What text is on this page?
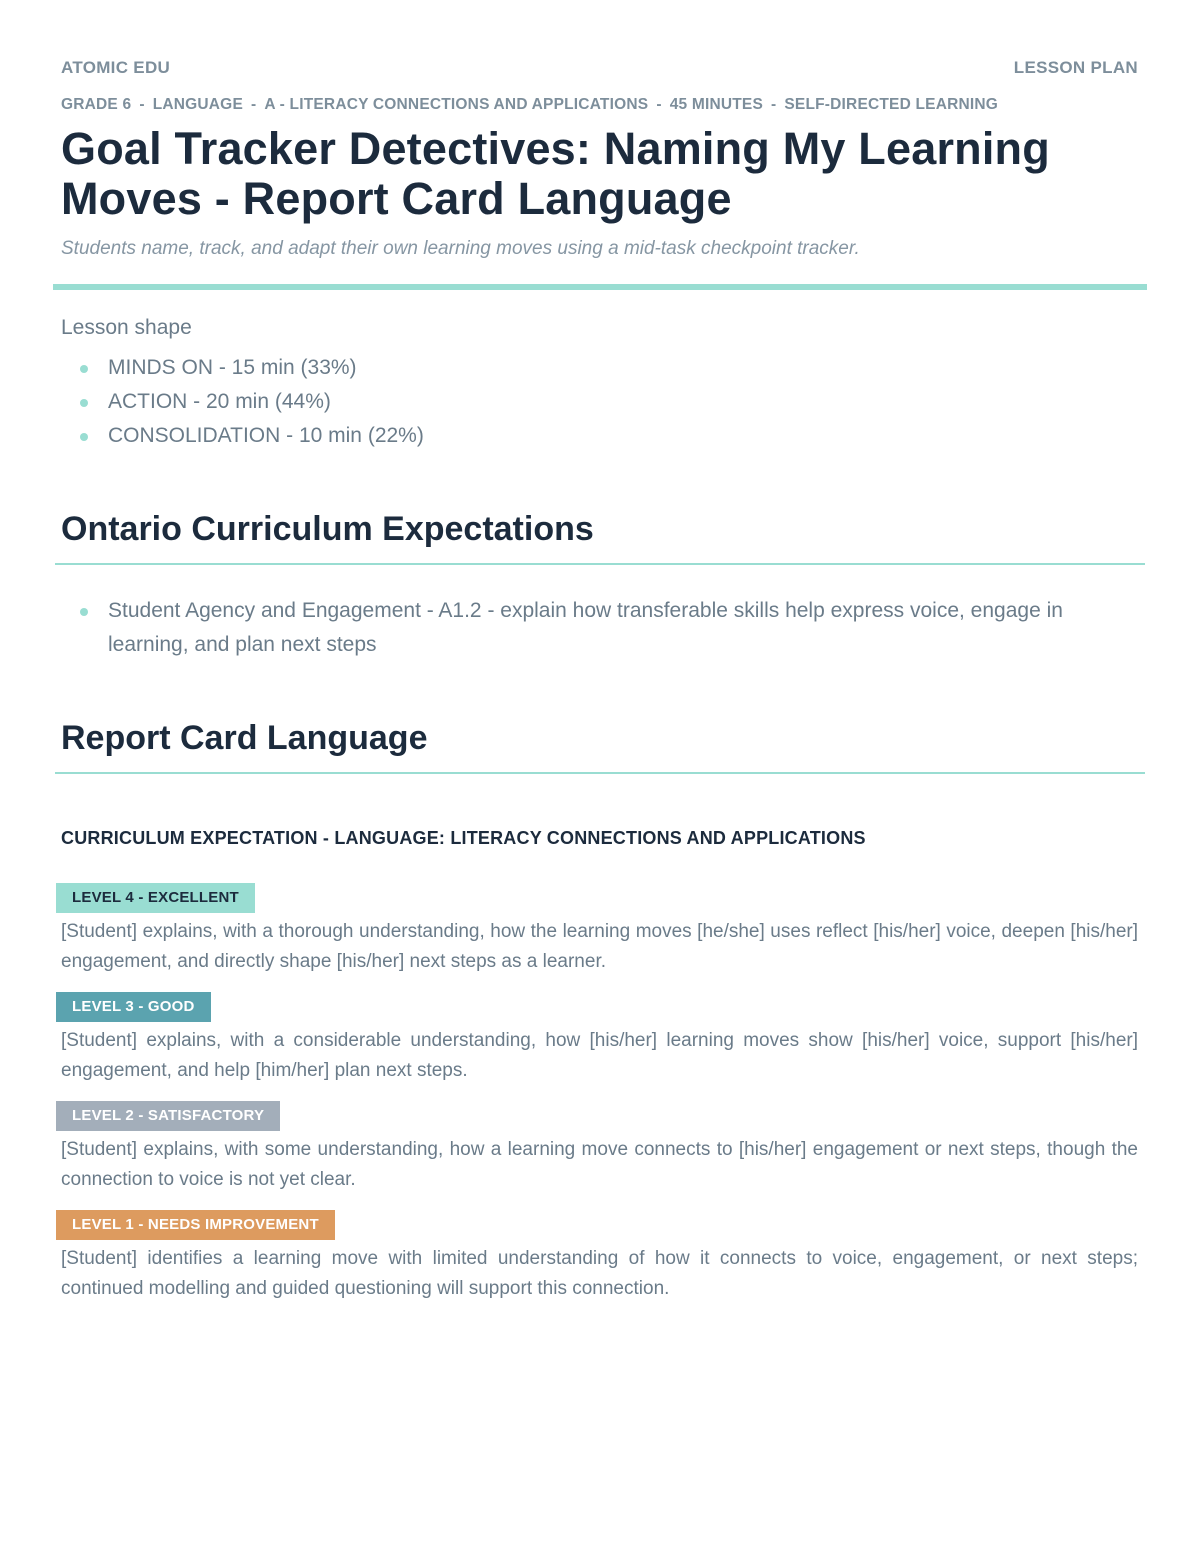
ATOMIC EDU	LESSON PLAN
GRADE 6 - LANGUAGE - A - LITERACY CONNECTIONS AND APPLICATIONS - 45 MINUTES - SELF-DIRECTED LEARNING
Goal Tracker Detectives: Naming My Learning Moves - Report Card Language
Students name, track, and adapt their own learning moves using a mid-task checkpoint tracker.
Lesson shape
MINDS ON - 15 min (33%)
ACTION - 20 min (44%)
CONSOLIDATION - 10 min (22%)
Ontario Curriculum Expectations
Student Agency and Engagement - A1.2 - explain how transferable skills help express voice, engage in learning, and plan next steps
Report Card Language
CURRICULUM EXPECTATION - LANGUAGE: LITERACY CONNECTIONS AND APPLICATIONS
LEVEL 4 - EXCELLENT
[Student] explains, with a thorough understanding, how the learning moves [he/she] uses reflect [his/her] voice, deepen [his/her] engagement, and directly shape [his/her] next steps as a learner.
LEVEL 3 - GOOD
[Student] explains, with a considerable understanding, how [his/her] learning moves show [his/her] voice, support [his/her] engagement, and help [him/her] plan next steps.
LEVEL 2 - SATISFACTORY
[Student] explains, with some understanding, how a learning move connects to [his/her] engagement or next steps, though the connection to voice is not yet clear.
LEVEL 1 - NEEDS IMPROVEMENT
[Student] identifies a learning move with limited understanding of how it connects to voice, engagement, or next steps; continued modelling and guided questioning will support this connection.
